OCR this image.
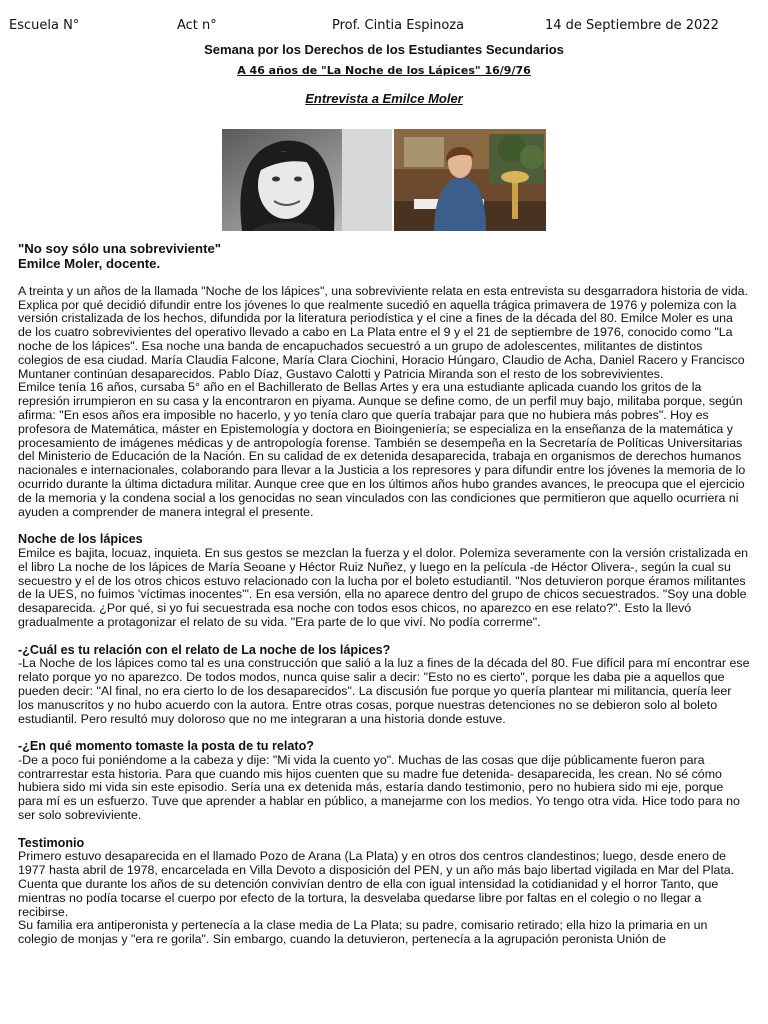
Escuela N°	Act n°	Prof. Cintia Espinoza	14 de Septiembre de 2022
Semana por los Derechos de los Estudiantes Secundarios
A 46 años de "La Noche de los Lápices" 16/9/76
Entrevista a Emilce Moler

"No soy sólo una sobreviviente"

Emilce Moler, docente.

A treinta y un años de la llamada "Noche de los lápices", una sobreviviente relata en esta entrevista su desgarradora historia de vida. Explica por qué decidió difundir entre los jóvenes lo que realmente sucedió en aquella trágica primavera de 1976 y polemiza con la versión cristalizada de los hechos, difundida por la literatura periodística y el cine a fines de la década del 80. Emilce Moler es una de los cuatro sobrevivientes del operativo llevado a cabo en La Plata entre el 9 y el 21 de septiembre de 1976, conocido como "La noche de los lápices". Esa noche una banda de encapuchados secuestró a un grupo de adolescentes, militantes de distintos colegios de esa ciudad. María Claudia Falcone, María Clara Ciochini, Horacio Húngaro, Claudio de Acha, Daniel Racero y Francisco Muntaner continúan desaparecidos. Pablo Díaz, Gustavo Calotti y Patricia Miranda son el resto de los sobrevivientes.

Emilce tenía 16 años, cursaba 5° año en el Bachillerato de Bellas Artes y era una estudiante aplicada cuando los gritos de la represión irrumpieron en su casa y la encontraron en piyama. Aunque se define como, de un perfil muy bajo, militaba porque, según afirma: "En esos años era imposible no hacerlo, y yo tenía claro que quería trabajar para que no hubiera más pobres". Hoy es profesora de Matemática, máster en Epistemología y doctora en Bioingeniería; se especializa en la enseñanza de la matemática y procesamiento de imágenes médicas y de antropología forense. También se desempeña en la Secretaría de Políticas Universitarias del Ministerio de Educación de la Nación. En su calidad de ex detenida desaparecida, trabaja en organismos de derechos humanos nacionales e internacionales, colaborando para llevar a la Justicia a los represores y para difundir entre los jóvenes la memoria de lo ocurrido durante la última dictadura militar. Aunque cree que en los últimos años hubo grandes avances, le preocupa que el ejercicio de la memoria y la condena social a los genocidas no sean vinculados con las condiciones que permitieron que aquello ocurriera ni ayuden a comprender de manera integral el presente.

Noche de los lápices

Emilce es bajita, locuaz, inquieta. En sus gestos se mezclan la fuerza y el dolor. Polemiza severamente con la versión cristalizada en el libro La noche de los lápices de María Seoane y Héctor Ruiz Nuñez, y luego en la película -de Héctor Olivera-, según la cual su secuestro y el de los otros chicos estuvo relacionado con la lucha por el boleto estudiantil. "Nos detuvieron porque éramos militantes de la UES, no fuimos 'víctimas inocentes'". En esa versión, ella no aparece dentro del grupo de chicos secuestrados. "Soy una doble desaparecida. ¿Por qué, si yo fui secuestrada esa noche con todos esos chicos, no aparezco en ese relato?". Esto la llevó gradualmente a protagonizar el relato de su vida. "Era parte de lo que viví. No podía correrme".

-¿Cuál es tu relación con el relato de La noche de los lápices?

-La Noche de los lápices como tal es una construcción que salió a la luz a fines de la década del 80. Fue difícil para mí encontrar ese relato porque yo no aparezco. De todos modos, nunca quise salir a decir: "Esto no es cierto", porque les daba pie a aquellos que pueden decir: "Al final, no era cierto lo de los desaparecidos". La discusión fue porque yo quería plantear mi militancia, quería leer los manuscritos y no hubo acuerdo con la autora. Entre otras cosas, porque nuestras detenciones no se debieron solo al boleto estudiantil. Pero resultó muy doloroso que no me integraran a una historia donde estuve.

-¿En qué momento tomaste la posta de tu relato?

-De a poco fui poniéndome a la cabeza y dije: "Mi vida la cuento yo". Muchas de las cosas que dije públicamente fueron para contrarrestar esta historia. Para que cuando mis hijos cuenten que su madre fue detenida- desaparecida, les crean. No sé cómo hubiera sido mi vida sin este episodio. Sería una ex detenida más, estaría dando testimonio, pero no hubiera sido mi eje, porque para mí es un esfuerzo. Tuve que aprender a hablar en público, a manejarme con los medios. Yo tengo otra vida. Hice todo para no ser solo sobreviviente.

Testimonio

Primero estuvo desaparecida en el llamado Pozo de Arana (La Plata) y en otros dos centros clandestinos; luego, desde enero de 1977 hasta abril de 1978, encarcelada en Villa Devoto a disposición del PEN, y un año más bajo libertad vigilada en Mar del Plata. Cuenta que durante los años de su detención convivían dentro de ella con igual intensidad la cotidianidad y el horror Tanto, que mientras no podía tocarse el cuerpo por efecto de la tortura, la desvelaba quedarse libre por faltas en el colegio o no llegar a recibirse.

Su familia era antiperonista y pertenecía a la clase media de La Plata; su padre, comisario retirado; ella hizo la primaria en un colegio de monjas y "era re gorila". Sin embargo, cuando la detuvieron, pertenecía a la agrupación peronista Unión de
